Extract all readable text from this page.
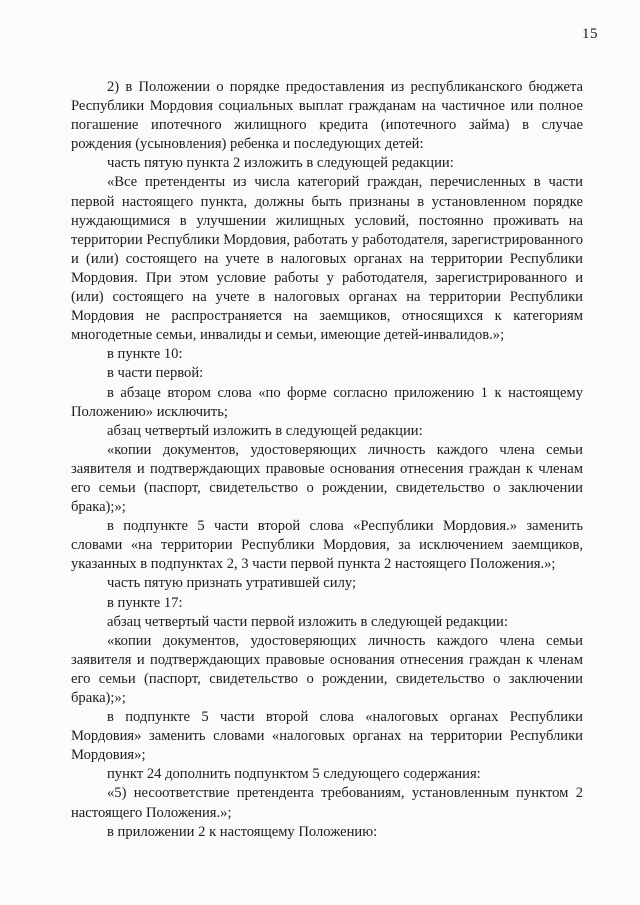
15

2) в Положении о порядке предоставления из республиканского бюджета Республики Мордовия социальных выплат гражданам на частичное или полное погашение ипотечного жилищного кредита (ипотечного займа) в случае рождения (усыновления) ребенка и последующих детей:

часть пятую пункта 2 изложить в следующей редакции:

«Все претенденты из числа категорий граждан, перечисленных в части первой настоящего пункта, должны быть признаны в установленном порядке нуждающимися в улучшении жилищных условий, постоянно проживать на территории Республики Мордовия, работать у работодателя, зарегистрированного и (или) состоящего на учете в налоговых органах на территории Республики Мордовия. При этом условие работы у работодателя, зарегистрированного и (или) состоящего на учете в налоговых органах на территории Республики Мордовия не распространяется на заемщиков, относящихся к категориям многодетные семьи, инвалиды и семьи, имеющие детей-инвалидов.»;

в пункте 10:

в части первой:

в абзаце втором слова «по форме согласно приложению 1 к настоящему Положению» исключить;

абзац четвертый изложить в следующей редакции:

«копии документов, удостоверяющих личность каждого члена семьи заявителя и подтверждающих правовые основания отнесения граждан к членам его семьи (паспорт, свидетельство о рождении, свидетельство о заключении брака);»;

в подпункте 5 части второй слова «Республики Мордовия.» заменить словами «на территории Республики Мордовия, за исключением заемщиков, указанных в подпунктах 2, 3 части первой пункта 2 настоящего Положения.»;

часть пятую признать утратившей силу;

в пункте 17:

абзац четвертый части первой изложить в следующей редакции:

«копии документов, удостоверяющих личность каждого члена семьи заявителя и подтверждающих правовые основания отнесения граждан к членам его семьи (паспорт, свидетельство о рождении, свидетельство о заключении брака);»;

в подпункте 5 части второй слова «налоговых органах Республики Мордовия» заменить словами «налоговых органах на территории Республики Мордовия»;

пункт 24 дополнить подпунктом 5 следующего содержания:

«5) несоответствие претендента требованиям, установленным пунктом 2 настоящего Положения.»;

в приложении 2 к настоящему Положению:
